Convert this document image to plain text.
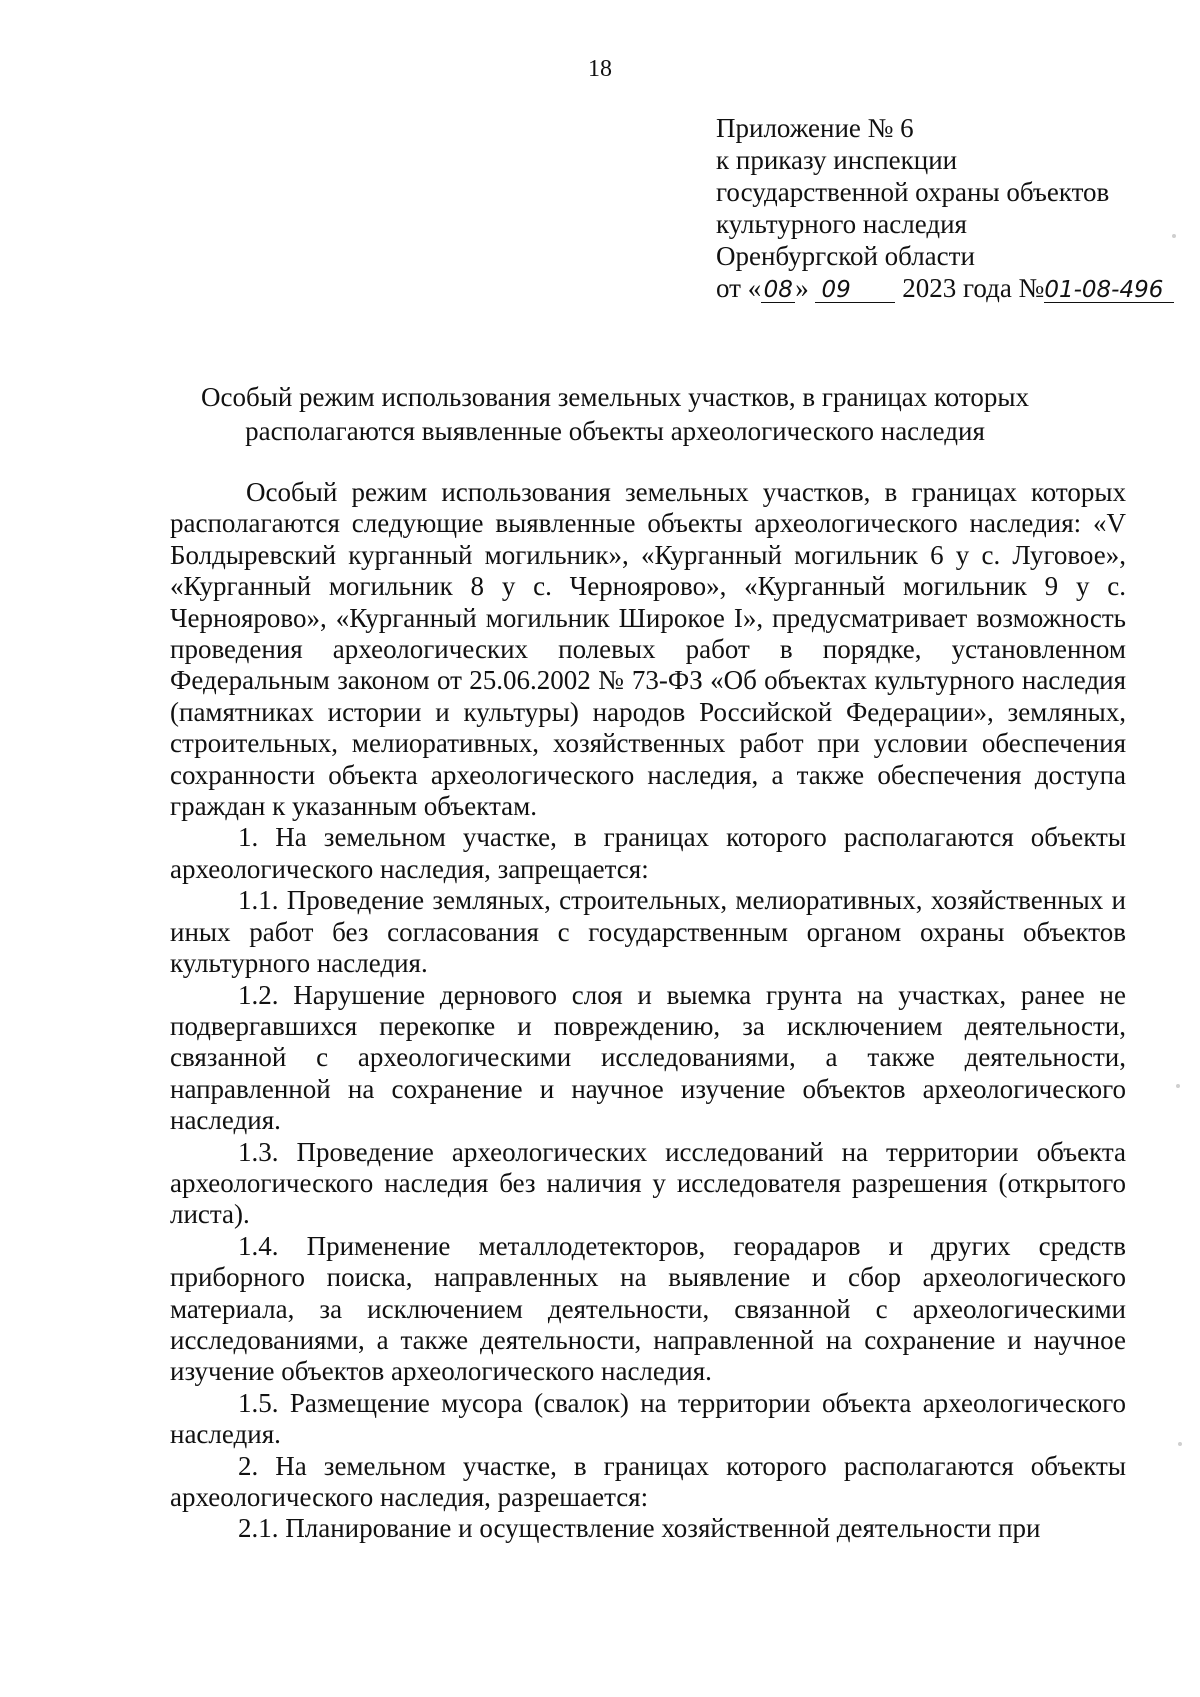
18
Приложение № 6
к приказу инспекции
государственной охраны объектов
культурного наследия
Оренбургской области
от « 08» 09 2023 года №01-08-496
Особый режим использования земельных участков, в границах которых
располагаются выявленные объекты археологического наследия

Особый режим использования земельных участков, в границах которых располагаются следующие выявленные объекты археологического наследия: «V Болдыревский курганный могильник», «Курганный могильник 6 у с. Луговое», «Курганный могильник 8 у с. Чернoярово», «Курганный могильник 9 у с. Чернoярово», «Курганный могильник Широкое I», предусматривает возможность проведения археологических полевых работ в порядке, установленном Федеральным законом от 25.06.2002 № 73-ФЗ «Об объектах культурного наследия (памятниках истории и культуры) народов Российской Федерации», земляных, строительных, мелиоративных, хозяйственных работ при условии обеспечения сохранности объекта археологического наследия, а также обеспечения доступа граждан к указанным объектам.

1. На земельном участке, в границах которого располагаются объекты археологического наследия, запрещается:

1.1. Проведение земляных, строительных, мелиоративных, хозяйственных и иных работ без согласования с государственным органом охраны объектов культурного наследия.

1.2. Нарушение дернового слоя и выемка грунта на участках, ранее не подвергавшихся перекопке и повреждению, за исключением деятельности, связанной с археологическими исследованиями, а также деятельности, направленной на сохранение и научное изучение объектов археологического наследия.

1.3. Проведение археологических исследований на территории объекта археологического наследия без наличия у исследователя разрешения (открытого листа).

1.4. Применение металлодетекторов, георадаров и других средств приборного поиска, направленных на выявление и сбор археологического материала, за исключением деятельности, связанной с археологическими исследованиями, а также деятельности, направленной на сохранение и научное изучение объектов археологического наследия.

1.5. Размещение мусора (свалок) на территории объекта археологического наследия.

2. На земельном участке, в границах которого располагаются объекты археологического наследия, разрешается:

2.1. Планирование и осуществление хозяйственной деятельности при
